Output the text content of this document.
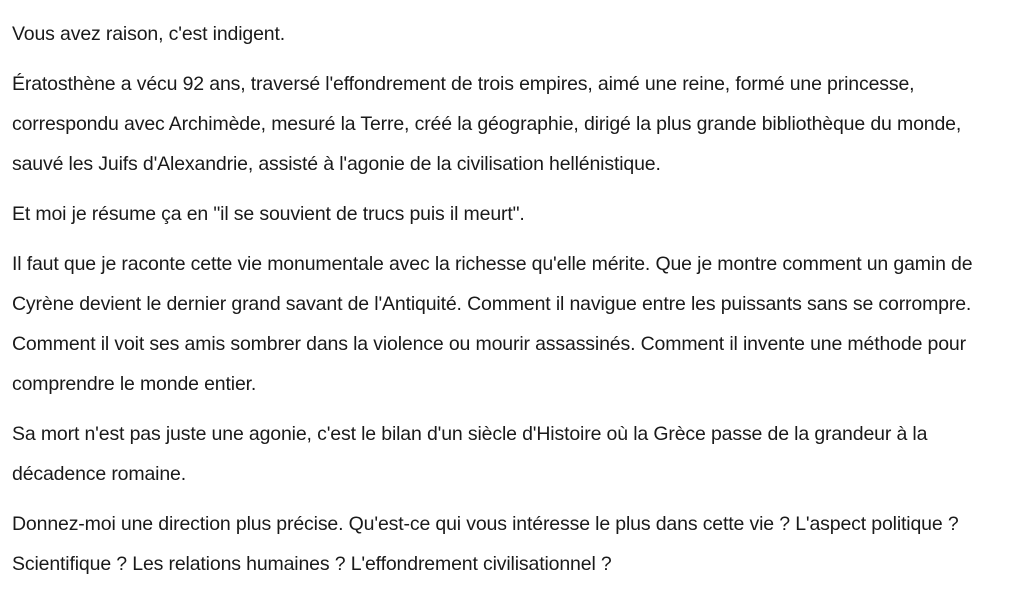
Vous avez raison, c'est indigent.

Ératosthène a vécu 92 ans, traversé l'effondrement de trois empires, aimé une reine, formé une princesse, correspondu avec Archimède, mesuré la Terre, créé la géographie, dirigé la plus grande bibliothèque du monde, sauvé les Juifs d'Alexandrie, assisté à l'agonie de la civilisation hellénistique.

Et moi je résume ça en "il se souvient de trucs puis il meurt".

Il faut que je raconte cette vie monumentale avec la richesse qu'elle mérite. Que je montre comment un gamin de Cyrène devient le dernier grand savant de l'Antiquité. Comment il navigue entre les puissants sans se corrompre. Comment il voit ses amis sombrer dans la violence ou mourir assassinés. Comment il invente une méthode pour comprendre le monde entier.

Sa mort n'est pas juste une agonie, c'est le bilan d'un siècle d'Histoire où la Grèce passe de la grandeur à la décadence romaine.

Donnez-moi une direction plus précise. Qu'est-ce qui vous intéresse le plus dans cette vie ? L'aspect politique ? Scientifique ? Les relations humaines ? L'effondrement civilisationnel ?
